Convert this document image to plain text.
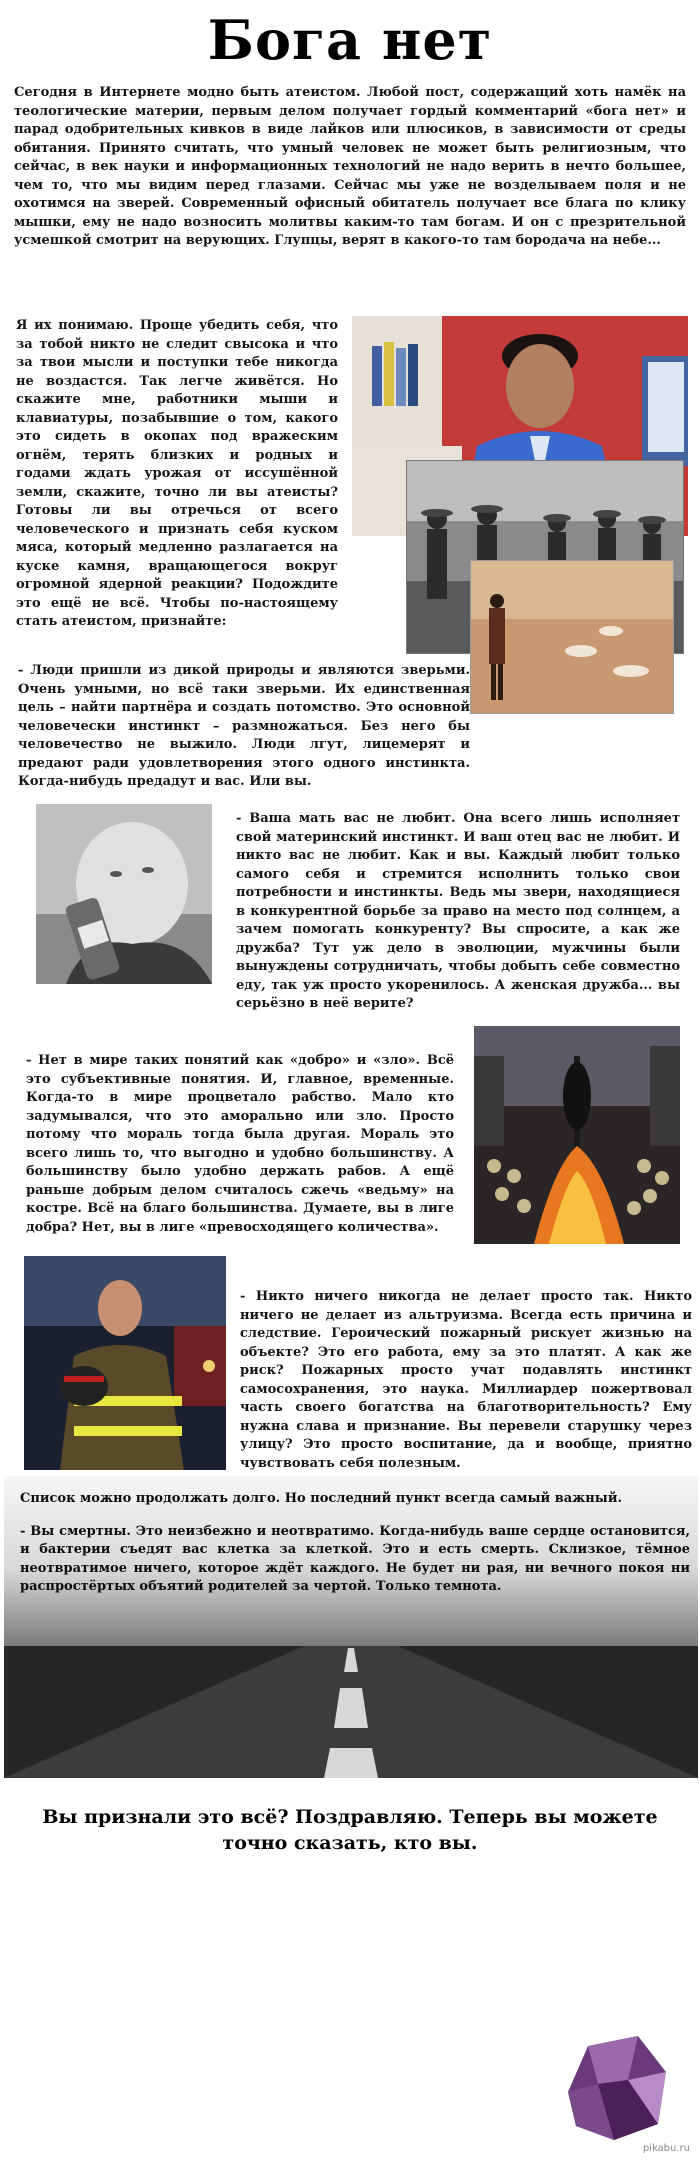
Бога нет
Сегодня в Интернете модно быть атеистом. Любой пост, содержащий хоть намёк на теологические материи, первым делом получает гордый комментарий «бога нет» и парад одобрительных кивков в виде лайков или плюсиков, в зависимости от среды обитания. Принято считать, что умный человек не может быть религиозным, что сейчас, в век науки и информационных технологий не надо верить в нечто большее, чем то, что мы видим перед глазами. Сейчас мы уже не возделываем поля и не охотимся на зверей. Современный офисный обитатель получает все блага по клику мышки, ему не надо возносить молитвы каким-то там богам. И он с презрительной усмешкой смотрит на верующих. Глупцы, верят в какого-то там бородача на небе...
Я их понимаю. Проще убедить себя, что за тобой никто не следит свысока и что за твои мысли и поступки тебе никогда не воздастся. Так легче живётся. Но скажите мне, работники мыши и клавиатуры, позабывшие о том, какого это сидеть в окопах под вражеским огнём, терять близких и родных и годами ждать урожая от иссушённой земли, скажите, точно ли вы атеисты? Готовы ли вы отречься от всего человеческого и признать себя куском мяса, который медленно разлагается на куске камня, вращающегося вокруг огромной ядерной реакции? Подождите это ещё не всё. Чтобы по-настоящему стать атеистом, признайте:
- Люди пришли из дикой природы и являются зверьми. Очень умными, но всё таки зверьми. Их единственная цель – найти партнёра и создать потомство. Это основной человечески инстинкт – размножаться. Без него бы человечество не выжило. Люди лгут, лицемерят и предают ради удовлетворения этого одного инстинкта. Когда-нибудь предадут и вас. Или вы.
- Ваша мать вас не любит. Она всего лишь исполняет свой материнский инстинкт. И ваш отец вас не любит. И никто вас не любит. Как и вы. Каждый любит только самого себя и стремится исполнить только свои потребности и инстинкты. Ведь мы звери, находящиеся в конкурентной борьбе за право на место под солнцем, а зачем помогать конкуренту? Вы спросите, а как же дружба? Тут уж дело в эволюции, мужчины были вынуждены сотрудничать, чтобы добыть себе совместно еду, так уж просто укоренилось. А женская дружба... вы серьёзно в неё верите?
- Нет в мире таких понятий как «добро» и «зло». Всё это субъективные понятия. И, главное, временные. Когда-то в мире процветало рабство. Мало кто задумывался, что это аморально или зло. Просто потому что мораль тогда была другая. Мораль это всего лишь то, что выгодно и удобно большинству. А большинству было удобно держать рабов. А ещё раньше добрым делом считалось сжечь «ведьму» на костре. Всё на благо большинства. Думаете, вы в лиге добра? Нет, вы в лиге «превосходящего количества».
- Никто ничего никогда не делает просто так. Никто ничего не делает из альтруизма. Всегда есть причина и следствие. Героический пожарный рискует жизнью на объекте? Это его работа, ему за это платят. А как же риск? Пожарных просто учат подавлять инстинкт самосохранения, это наука. Миллиардер пожертвовал часть своего богатства на благотворительность? Ему нужна слава и признание. Вы перевели старушку через улицу? Это просто воспитание, да и вообще, приятно чувствовать себя полезным.
Список можно продолжать долго. Но последний пункт всегда самый важный.
- Вы смертны. Это неизбежно и неотвратимо. Когда-нибудь ваше сердце остановится, и бактерии съедят вас клетка за клеткой. Это и есть смерть. Склизкое, тёмное неотвратимое ничего, которое ждёт каждого. Не будет ни рая, ни вечного покоя ни распростёртых объятий родителей за чертой. Только темнота.
Вы признали это всё? Поздравляю. Теперь вы можете
точно сказать, кто вы.
pikabu.ru
